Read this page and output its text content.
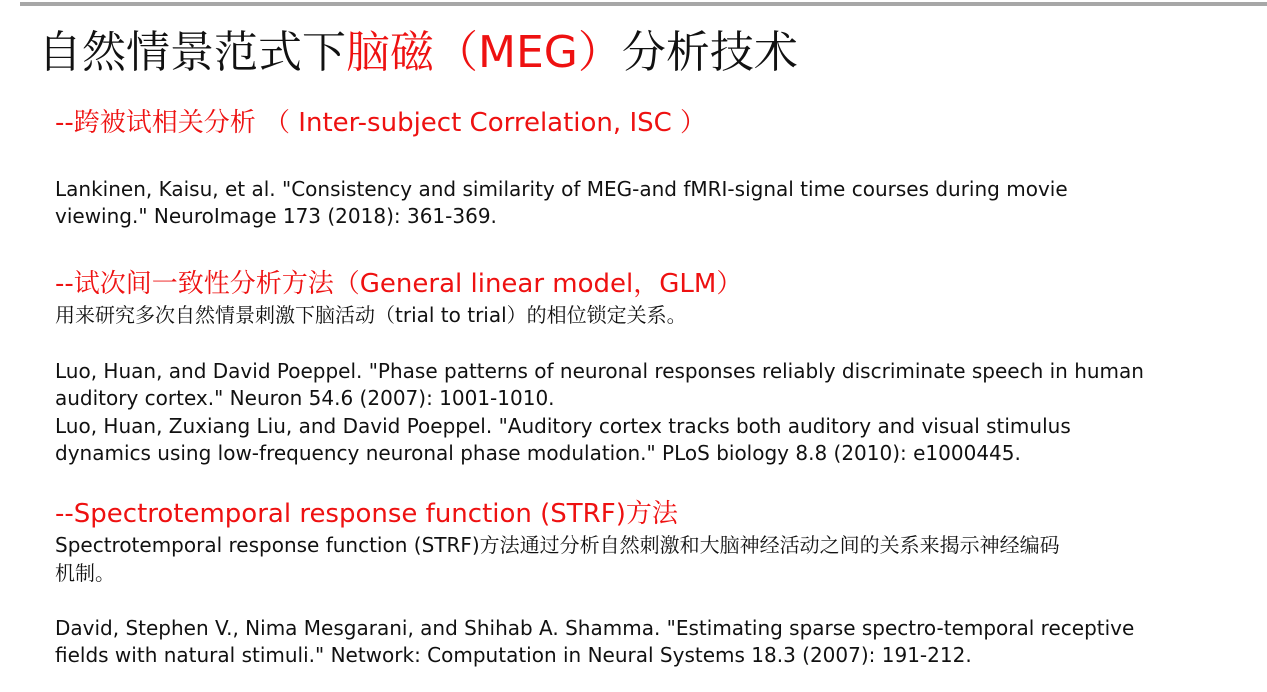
自然情景范式下脑磁（MEG）分析技术
--跨被试相关分析 （ Inter-subject Correlation, ISC ）
Lankinen, Kaisu, et al. "Consistency and similarity of MEG-and fMRI-signal time courses during movie
viewing." NeuroImage 173 (2018): 361-369.
--试次间一致性分析方法（General linear model，GLM）
用来研究多次自然情景刺激下脑活动（trial to trial）的相位锁定关系。
Luo, Huan, and David Poeppel. "Phase patterns of neuronal responses reliably discriminate speech in human
auditory cortex." Neuron 54.6 (2007): 1001-1010.
Luo, Huan, Zuxiang Liu, and David Poeppel. "Auditory cortex tracks both auditory and visual stimulus
dynamics using low-frequency neuronal phase modulation." PLoS biology 8.8 (2010): e1000445.
--Spectrotemporal response function (STRF)方法
Spectrotemporal response function (STRF)方法通过分析自然刺激和大脑神经活动之间的关系来揭示神经编码
机制。
David, Stephen V., Nima Mesgarani, and Shihab A. Shamma. "Estimating sparse spectro-temporal receptive
fields with natural stimuli." Network: Computation in Neural Systems 18.3 (2007): 191-212.
